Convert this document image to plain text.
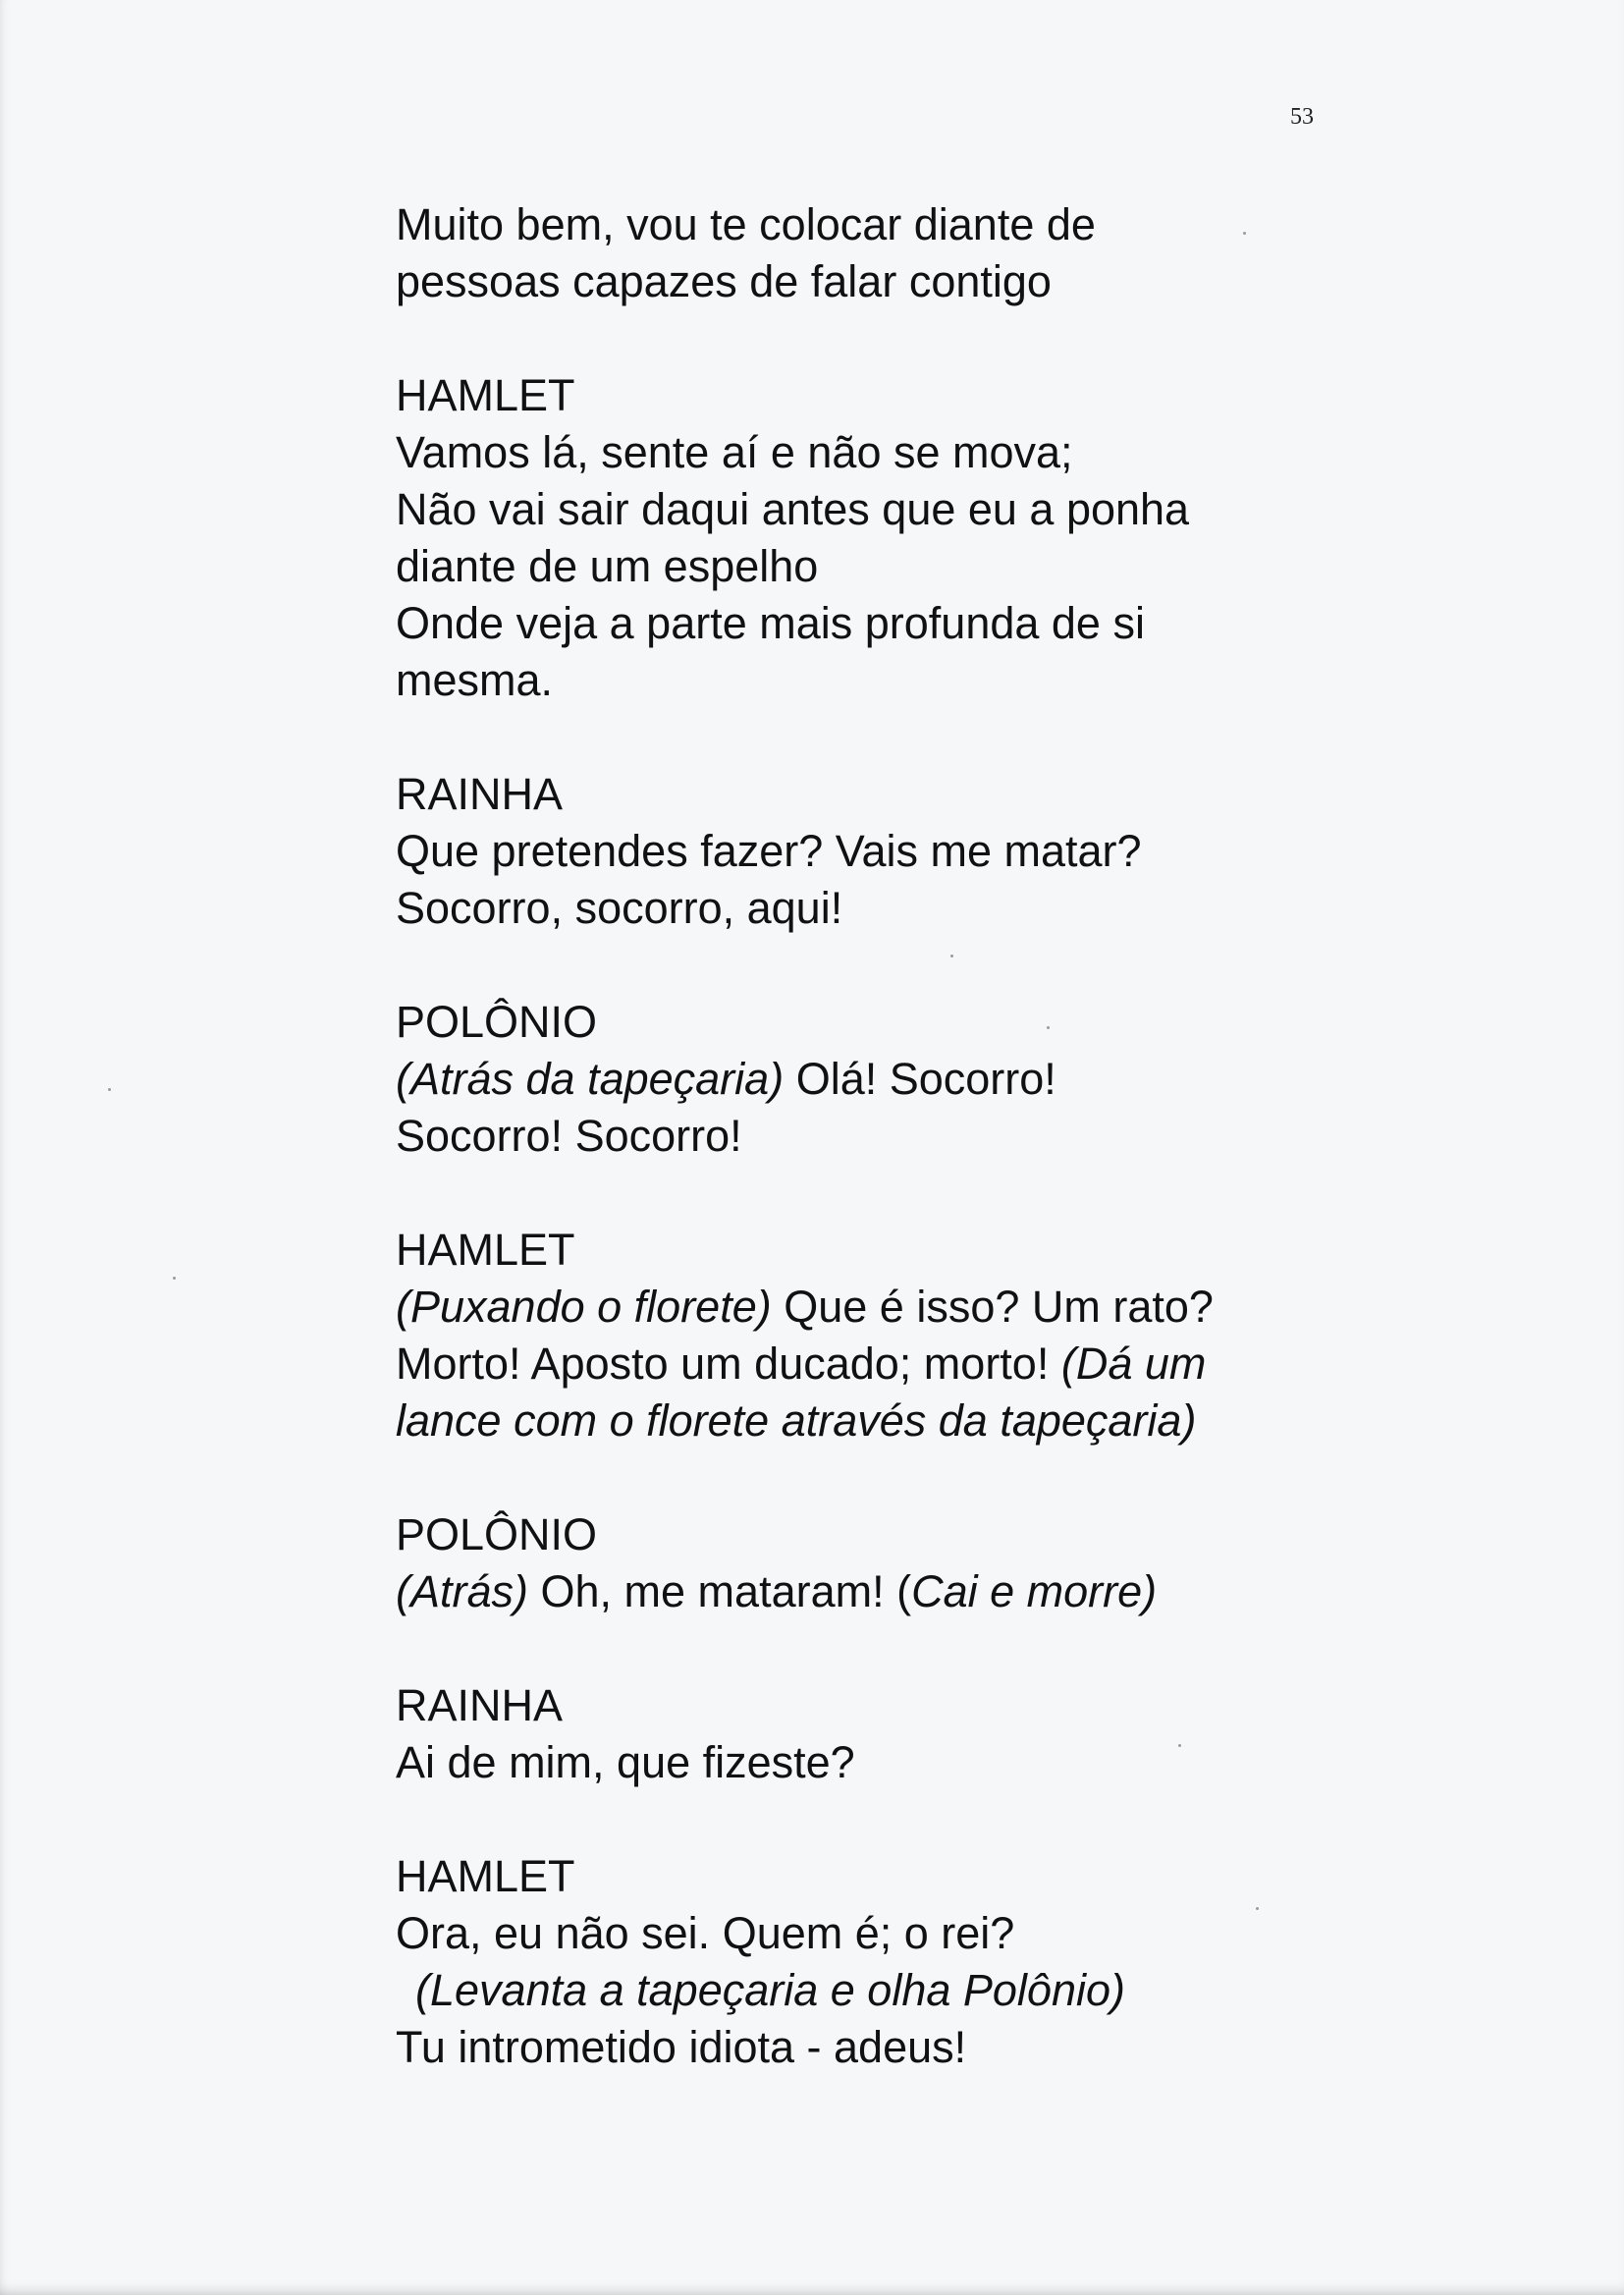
53
Muito bem, vou te colocar diante de
pessoas capazes de falar contigo
HAMLET
Vamos lá, sente aí e não se mova;
Não vai sair daqui antes que eu a ponha
diante de um espelho
Onde veja a parte mais profunda de si
mesma.
RAINHA
Que pretendes fazer? Vais me matar?
Socorro, socorro, aqui!
POLÔNIO
(Atrás da tapeçaria) Olá! Socorro!
Socorro! Socorro!
HAMLET
(Puxando o florete) Que é isso? Um rato?
Morto! Aposto um ducado; morto! (Dá um
lance com o florete através da tapeçaria)
POLÔNIO
(Atrás) Oh, me mataram! (Cai e morre)
RAINHA
Ai de mim, que fizeste?
HAMLET
Ora, eu não sei. Quem é; o rei?
(Levanta a tapeçaria e olha Polônio)
Tu intrometido idiota - adeus!
